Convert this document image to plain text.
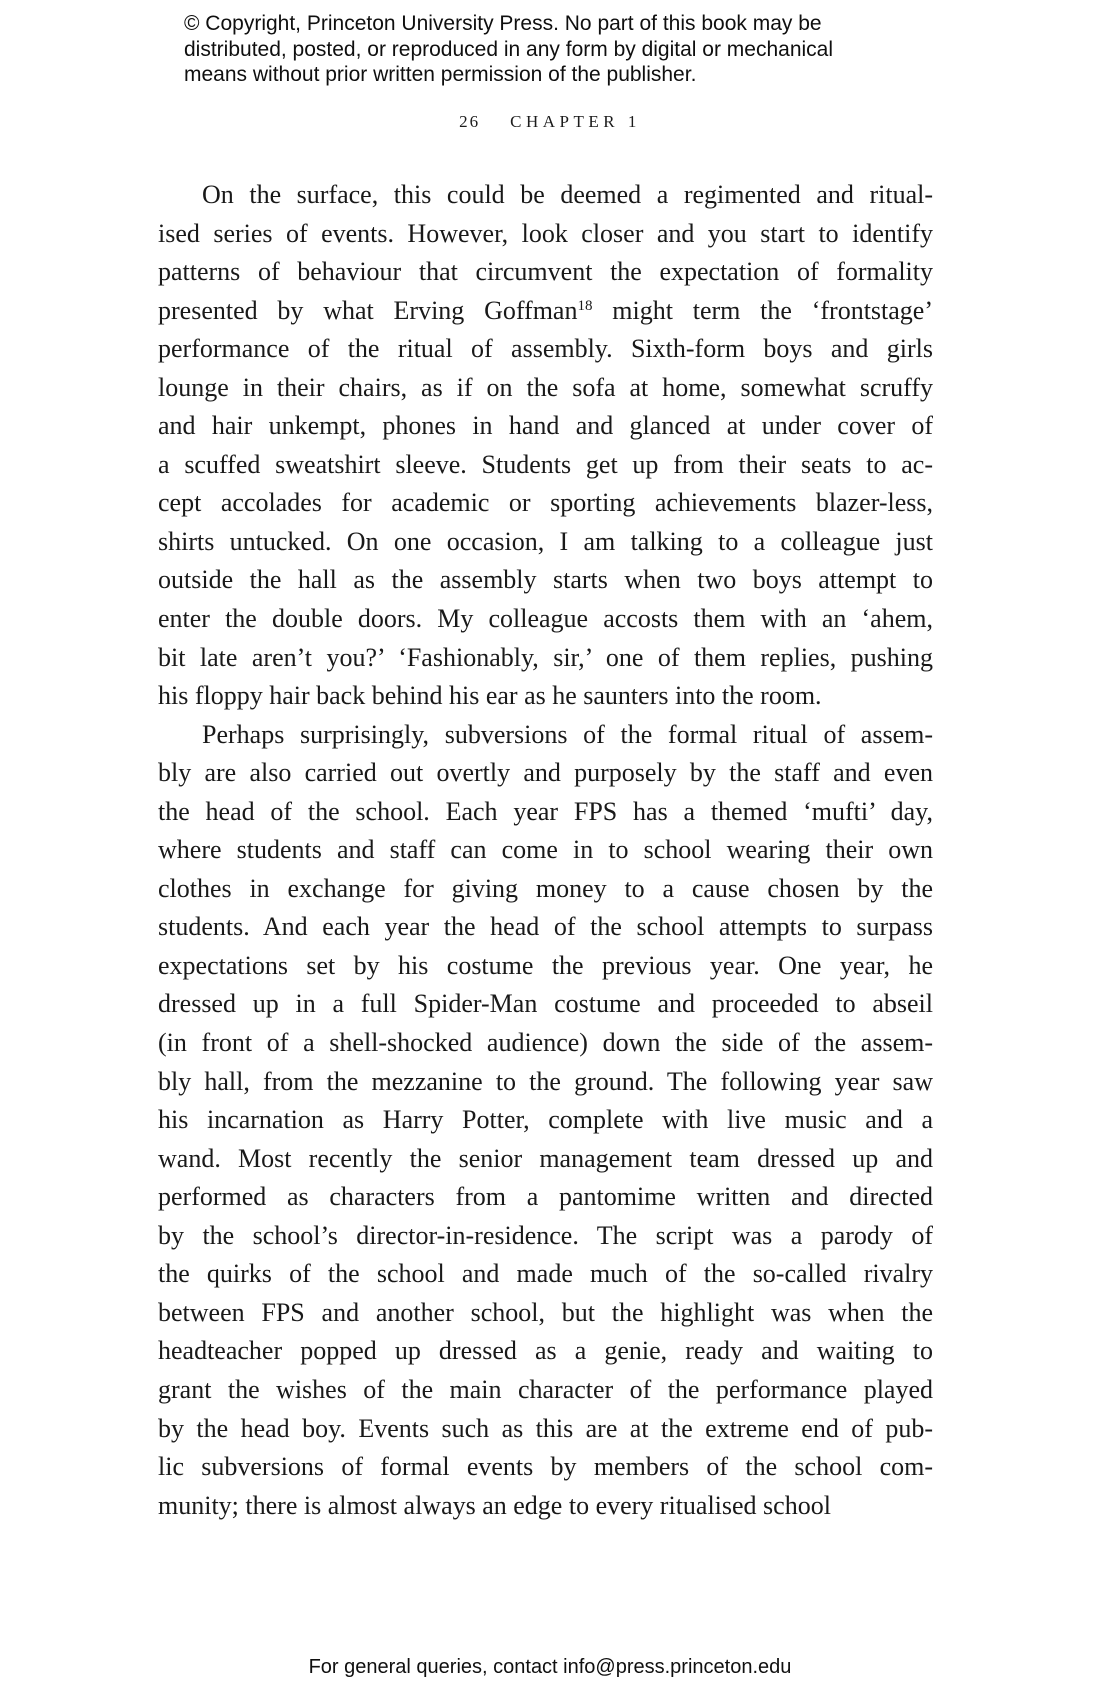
© Copyright, Princeton University Press. No part of this book may be
distributed, posted, or reproduced in any form by digital or mechanical
means without prior written permission of the publisher.
26 CHAPTER 1
On the surface, this could be deemed a regimented and ritual-
ised series of events. However, look closer and you start to identify
patterns of behaviour that circumvent the expectation of formality
presented by what Erving Goffman$^{18}$ might term the ‘frontstage’
performance of the ritual of assembly. Sixth-form boys and girls
lounge in their chairs, as if on the sofa at home, somewhat scruffy
and hair unkempt, phones in hand and glanced at under cover of
a scuffed sweatshirt sleeve. Students get up from their seats to ac-
cept accolades for academic or sporting achievements blazer-less,
shirts untucked. On one occasion, I am talking to a colleague just
outside the hall as the assembly starts when two boys attempt to
enter the double doors. My colleague accosts them with an ‘ahem,
bit late aren’t you?’ ‘Fashionably, sir,’ one of them replies, pushing
his floppy hair back behind his ear as he saunters into the room.
Perhaps surprisingly, subversions of the formal ritual of assem-
bly are also carried out overtly and purposely by the staff and even
the head of the school. Each year FPS has a themed ‘mufti’ day,
where students and staff can come in to school wearing their own
clothes in exchange for giving money to a cause chosen by the
students. And each year the head of the school attempts to surpass
expectations set by his costume the previous year. One year, he
dressed up in a full Spider-Man costume and proceeded to abseil
(in front of a shell-shocked audience) down the side of the assem-
bly hall, from the mezzanine to the ground. The following year saw
his incarnation as Harry Potter, complete with live music and a
wand. Most recently the senior management team dressed up and
performed as characters from a pantomime written and directed
by the school’s director-in-residence. The script was a parody of
the quirks of the school and made much of the so-called rivalry
between FPS and another school, but the highlight was when the
headteacher popped up dressed as a genie, ready and waiting to
grant the wishes of the main character of the performance played
by the head boy. Events such as this are at the extreme end of pub-
lic subversions of formal events by members of the school com-
munity; there is almost always an edge to every ritualised school
For general queries, contact info@press.princeton.edu
